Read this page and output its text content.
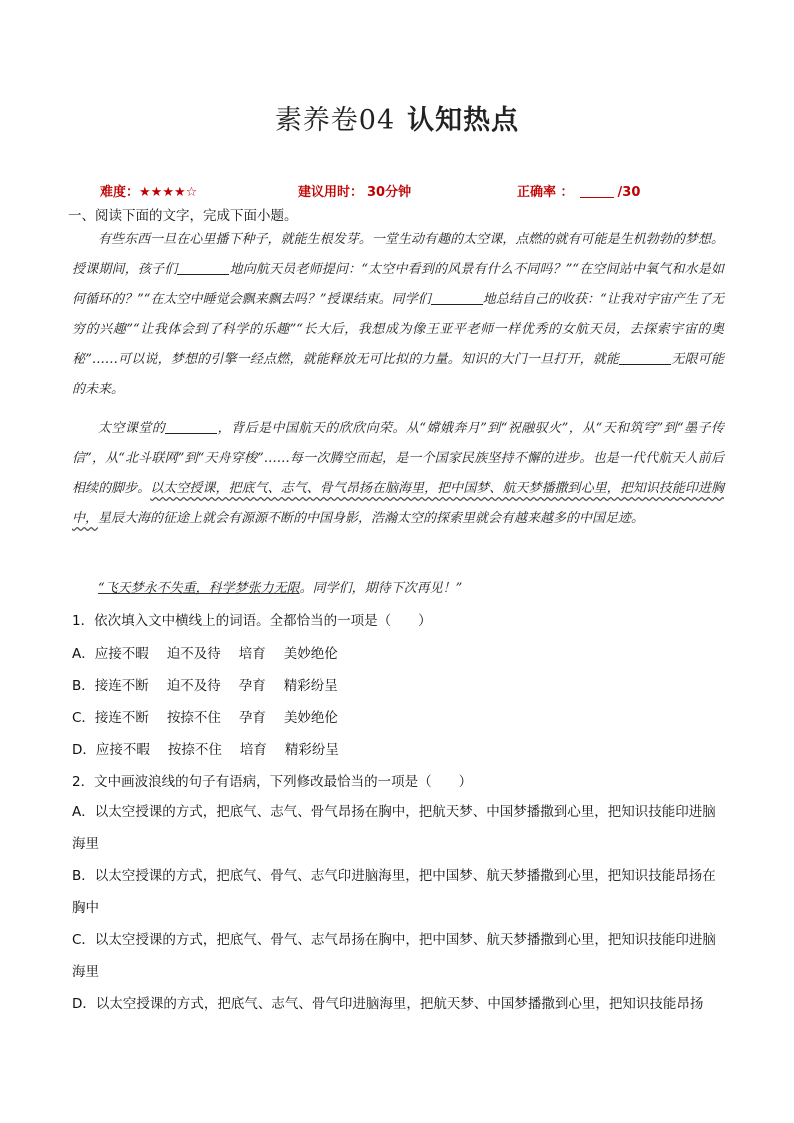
素养卷04 认知热点
难度：★★★★☆	建议用时： 30分钟	正确率 ：	/30
一、阅读下面的文字，完成下面小题。

有些东西一旦在心里播下种子，就能生根发芽。一堂生动有趣的太空课，点燃的就有可能是生机勃勃的梦想。授课期间，孩子们	地向航天员老师提问：“太空中看到的风景有什么不同吗？”“在空间站中氧气和水是如何循环的？”“在太空中睡觉会飘来飘去吗？”授课结束。同学们	地总结自己的收获：“让我对宇宙产生了无穷的兴趣”“让我体会到了科学的乐趣”“长大后，我想成为像王亚平老师一样优秀的女航天员，去探索宇宙的奥秘”……可以说，梦想的引擎一经点燃，就能释放无可比拟的力量。知识的大门一旦打开，就能	无限可能的未来。

太空课堂的	，背后是中国航天的欣欣向荣。从“嫦娥奔月”到“祝融驭火”，从“天和筑穹”到“墨子传信”，从“北斗联网”到“天舟穿梭”……每一次腾空而起，是一个国家民族坚持不懈的进步。也是一代代航天人前后相续的脚步。以太空授课，把底气、志气、骨气昂扬在脑海里，把中国梦、航天梦播撒到心里，把知识技能印进胸中，星辰大海的征途上就会有源源不断的中国身影，浩瀚太空的探索里就会有越来越多的中国足迹。

“飞天梦永不失重，科学梦张力无限。同学们，期待下次再见！”

1．依次填入文中横线上的词语。全都恰当的一项是（　　）
A．应接不暇 迫不及待 培育 美妙绝伦
B．接连不断 迫不及待 孕育 精彩纷呈
C．接连不断 按捺不住 孕育 美妙绝伦
D．应接不暇 按捺不住 培育 精彩纷呈
2．文中画波浪线的句子有语病，下列修改最恰当的一项是（　　）
A．以太空授课的方式，把底气、志气、骨气昂扬在胸中，把航天梦、中国梦播撒到心里，把知识技能印进脑海里
B．以太空授课的方式，把底气、骨气、志气印进脑海里，把中国梦、航天梦播撒到心里，把知识技能昂扬在胸中
C．以太空授课的方式，把底气、骨气、志气昂扬在胸中，把中国梦、航天梦播撒到心里，把知识技能印进脑海里
D．以太空授课的方式，把底气、志气、骨气印进脑海里，把航天梦、中国梦播撒到心里，把知识技能昂扬
